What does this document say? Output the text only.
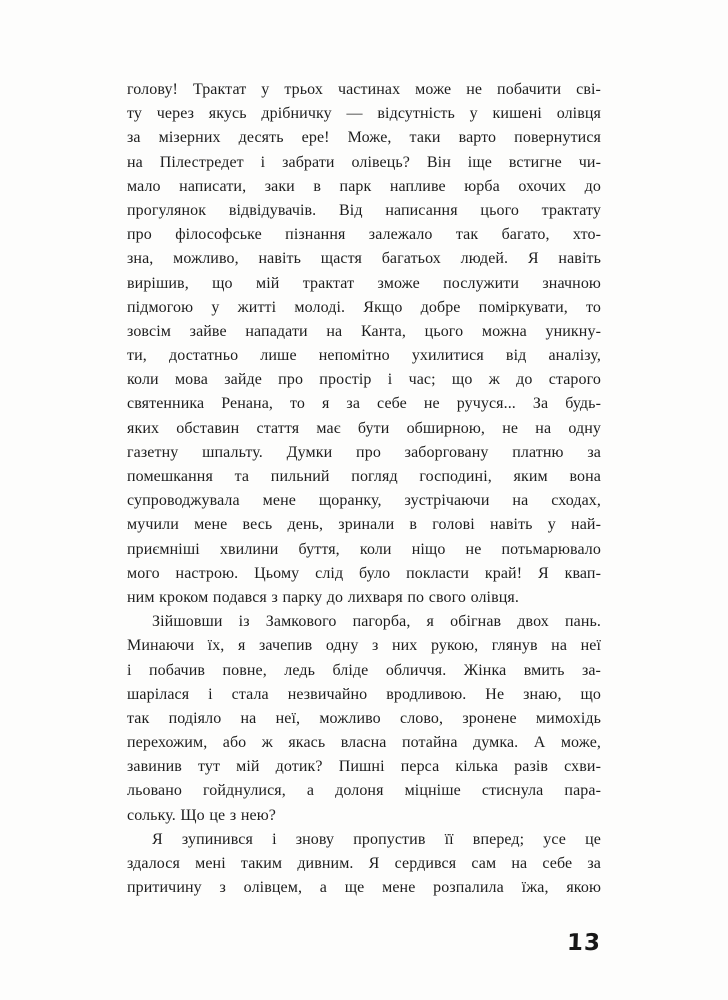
голову! Трактат у трьох частинах може не побачити сві-
ту через якусь дрібничку — відсутність у кишені олівця
за мізерних десять ере! Може, таки варто повернутися
на Пілестредет і забрати олівець? Він іще встигне чи-
мало написати, заки в парк напливе юрба охочих до
прогулянок відвідувачів. Від написання цього трактату
про філософське пізнання залежало так багато, хто-
зна, можливо, навіть щастя багатьох людей. Я навіть
вирішив, що мій трактат зможе послужити значною
підмогою у житті молоді. Якщо добре поміркувати, то
зовсім зайве нападати на Канта, цього можна уникну-
ти, достатньо лише непомітно ухилитися від аналізу,
коли мова зайде про простір і час; що ж до старого
святенника Ренана, то я за себе не ручуся... За будь-
яких обставин стаття має бути обширною, не на одну
газетну шпальту. Думки про заборговану платню за
помешкання та пильний погляд господині, яким вона
супроводжувала мене щоранку, зустрічаючи на сходах,
мучили мене весь день, зринали в голові навіть у най-
приємніші хвилини буття, коли ніщо не потьмарювало
мого настрою. Цьому слід було покласти край! Я квап-
ним кроком подався з парку до лихваря по свого олівця.
Зійшовши із Замкового пагорба, я обігнав двох пань.
Минаючи їх, я зачепив одну з них рукою, глянув на неї
і побачив повне, ледь бліде обличчя. Жінка вмить за-
шарілася і стала незвичайно вродливою. Не знаю, що
так подіяло на неї, можливо слово, зронене мимохідь
перехожим, або ж якась власна потайна думка. А може,
завинив тут мій дотик? Пишні перса кілька разів схви-
льовано гойднулися, а долоня міцніше стиснула пара-
сольку. Що це з нею?
Я зупинився і знову пропустив її вперед; усе це
здалося мені таким дивним. Я сердився сам на себе за
притичину з олівцем, а ще мене розпалила їжа, якою
13
